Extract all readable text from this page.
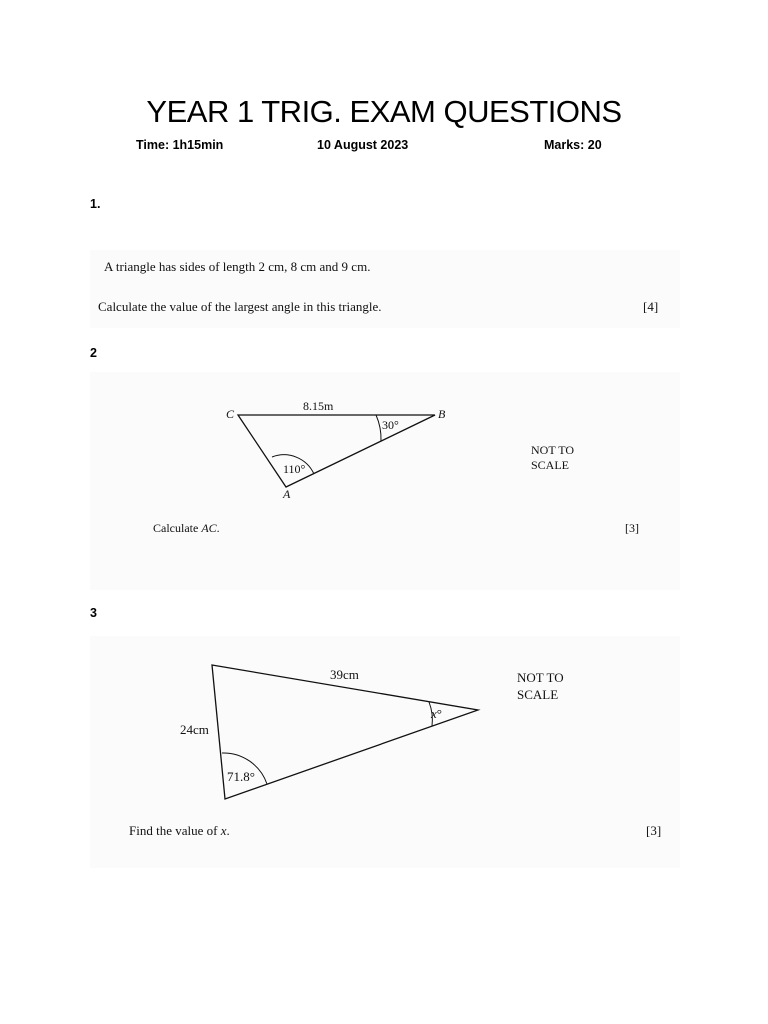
YEAR 1 TRIG. EXAM QUESTIONS
Time: 1h15min	10 August 2023	Marks: 20
1.
A triangle has sides of length 2 cm, 8 cm and 9 cm.
Calculate the value of the largest angle in this triangle.	[4]
2
8.15m
C	B
A
30°
110°
NOT TO
SCALE
Calculate AC.	[3]
3
39cm
24cm
x°
71.8°
NOT TO
SCALE
Find the value of x.	[3]
